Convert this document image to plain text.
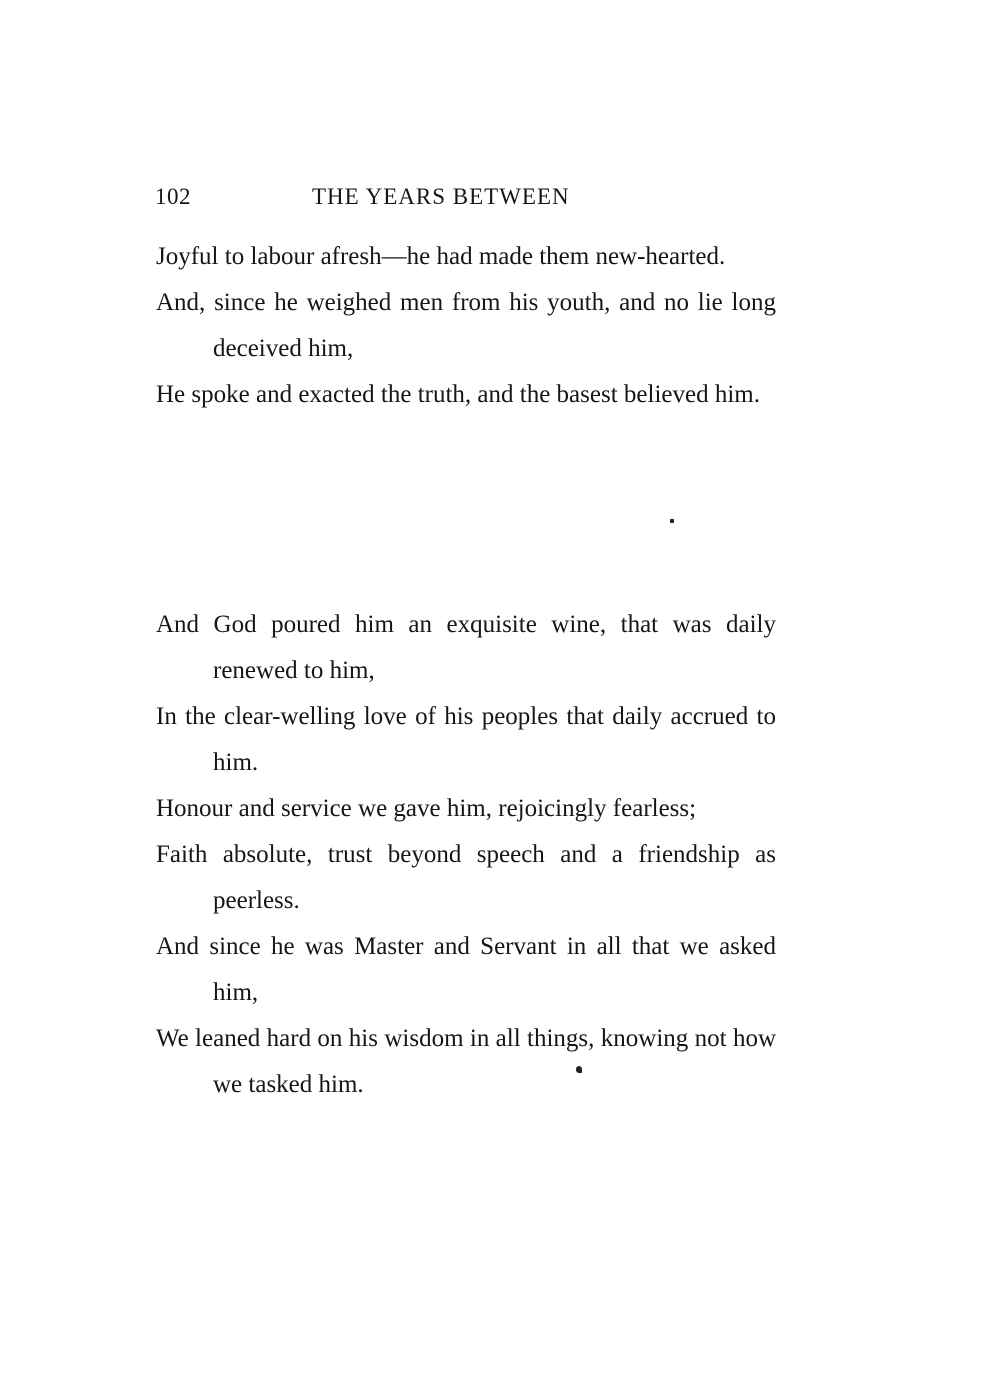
102	THE YEARS BETWEEN

Joyful to labour afresh—he had made them new-hearted.

And, since he weighed men from his youth, and no lie long deceived him,

He spoke and exacted the truth, and the basest believed him.

And God poured him an exquisite wine, that was daily renewed to him,

In the clear-welling love of his peoples that daily accrued to him.

Honour and service we gave him, rejoicingly fearless;

Faith absolute, trust beyond speech and a friendship as peerless.

And since he was Master and Servant in all that we asked him,

We leaned hard on his wisdom in all things, knowing not how we tasked him.
